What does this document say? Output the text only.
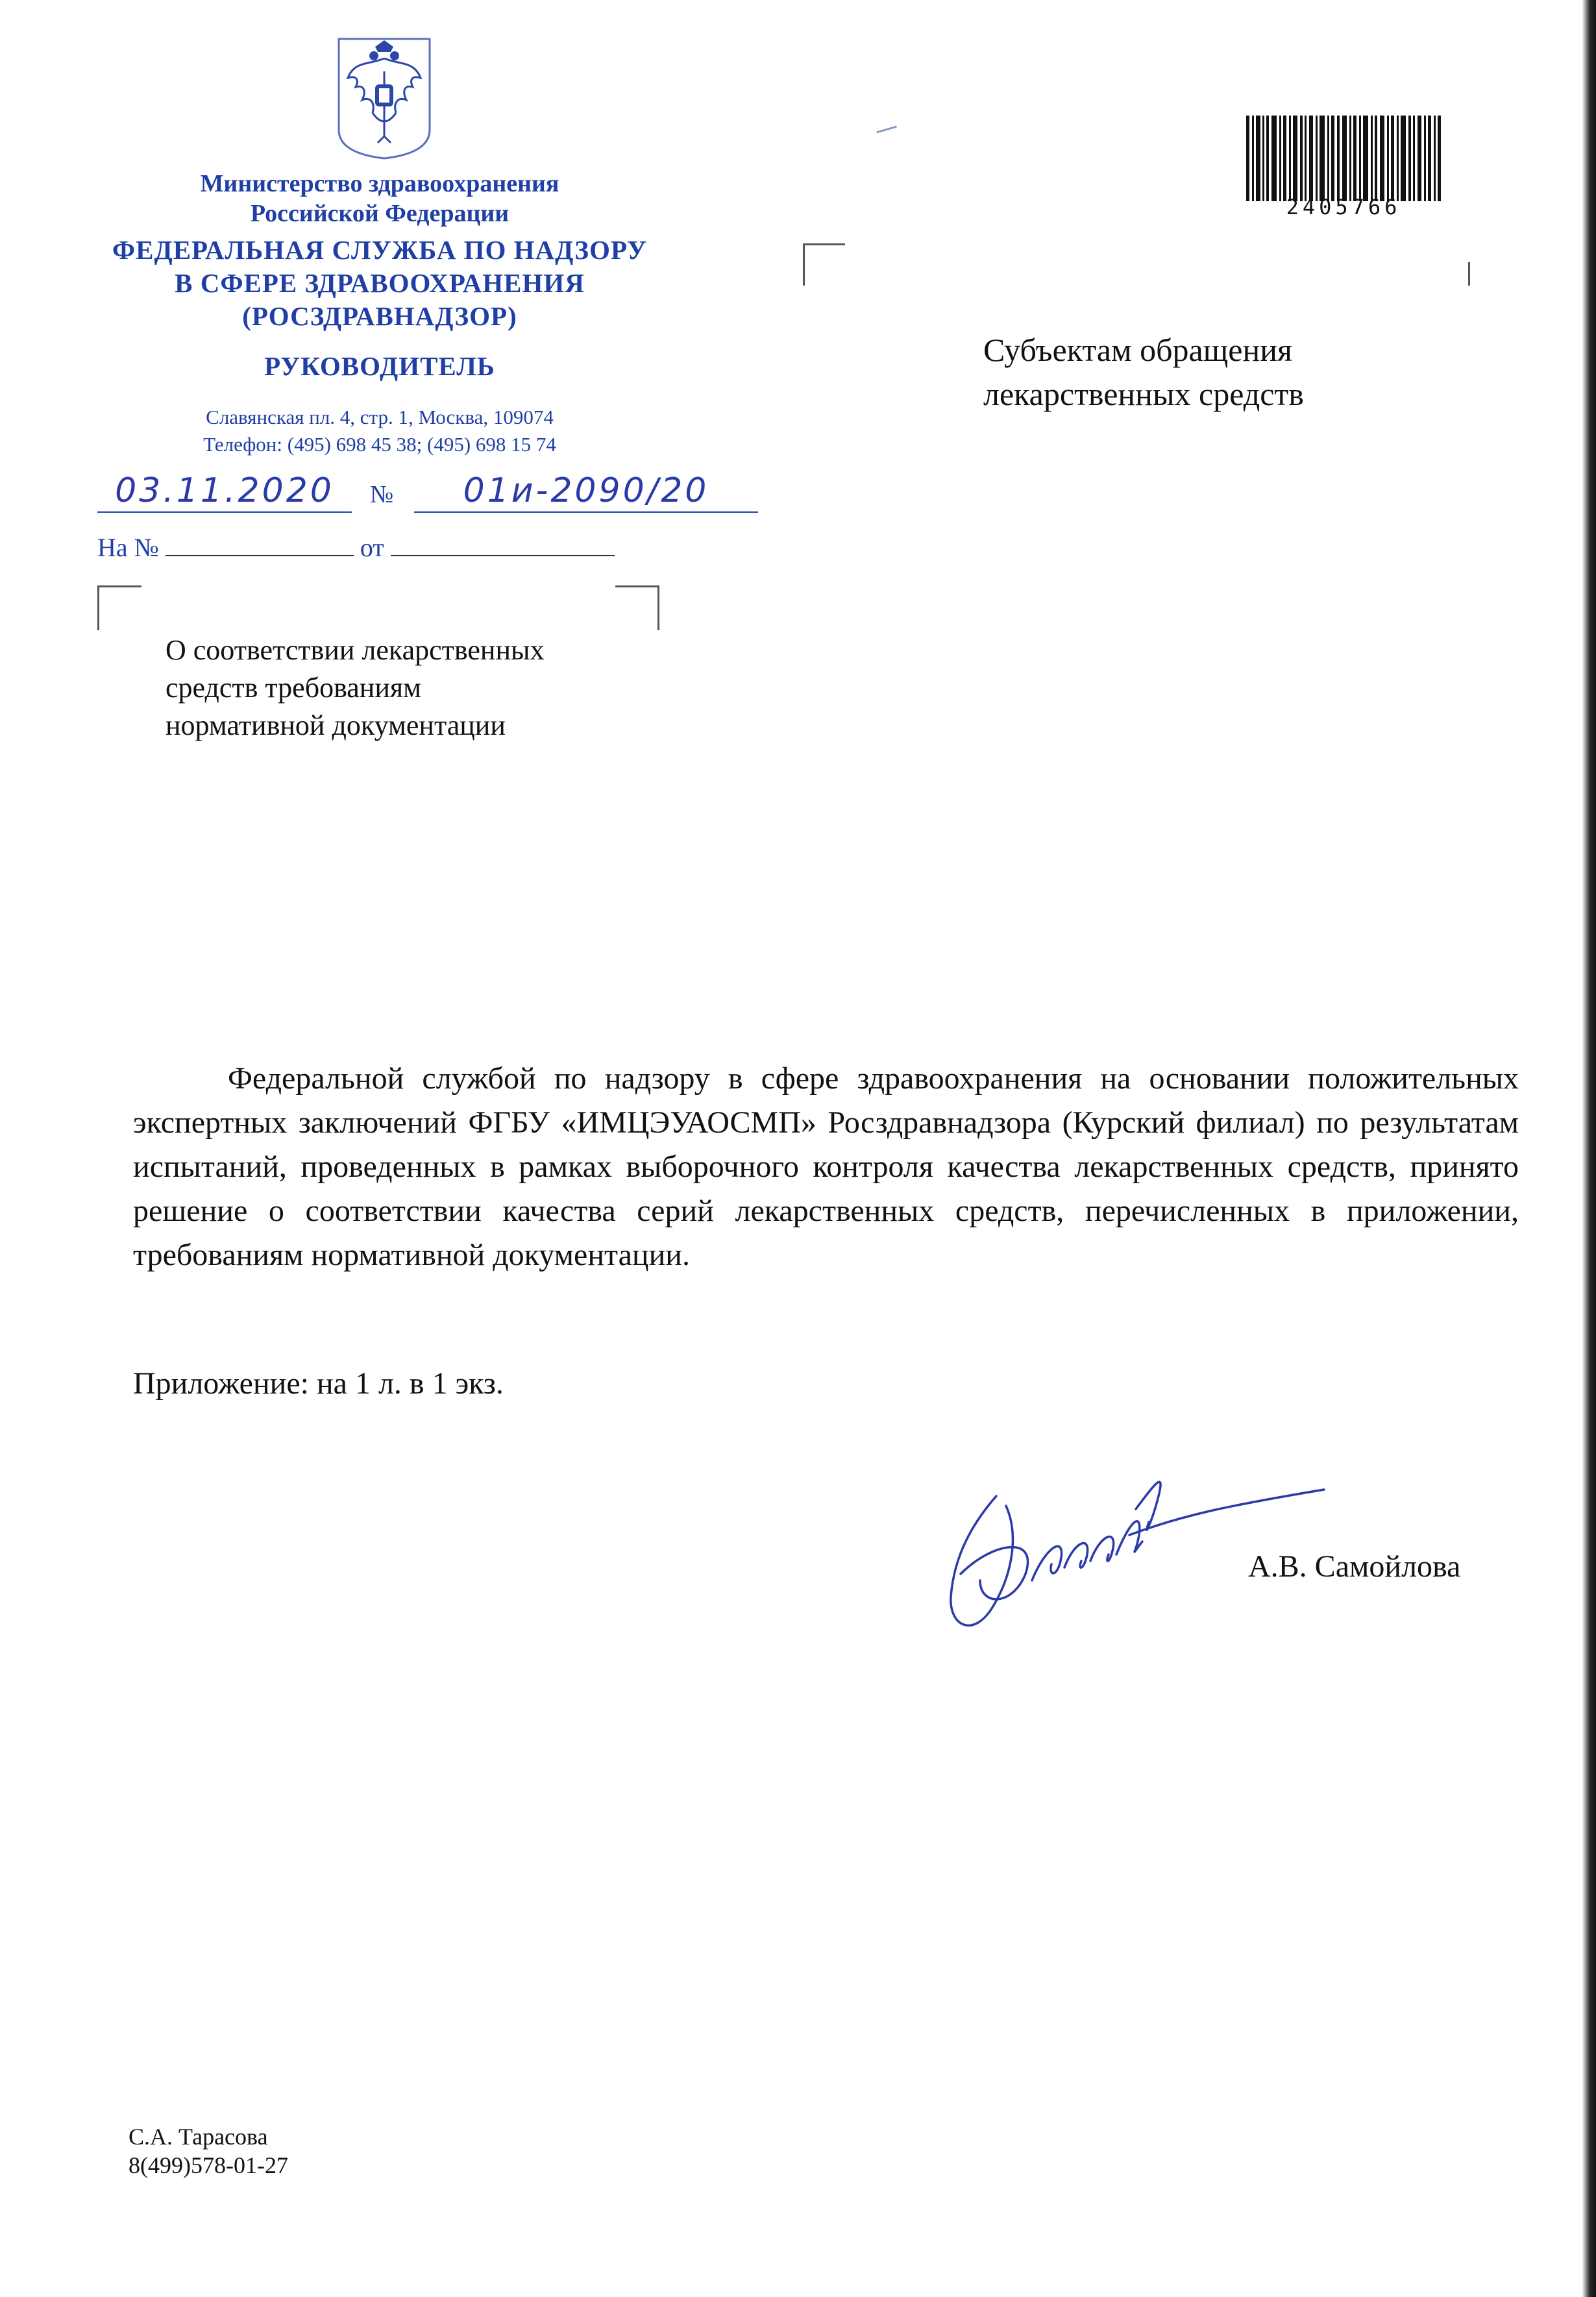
Министерство здравоохранения
Российской Федерации
ФЕДЕРАЛЬНАЯ СЛУЖБА ПО НАДЗОРУ
В СФЕРЕ ЗДРАВООХРАНЕНИЯ
(РОСЗДРАВНАДЗОР)
РУКОВОДИТЕЛЬ
Славянская пл. 4, стр. 1, Москва, 109074
Телефон: (495) 698 45 38; (495) 698 15 74
03.11.2020	№	01и-2090/20
На №	от
О соответствии лекарственных
средств требованиям
нормативной документации
Субъектам обращения
лекарственных средств
2405766
Федеральной службой по надзору в сфере здравоохранения на основании положительных экспертных заключений ФГБУ «ИМЦЭУАОСМП» Росздравнадзора (Курский филиал) по результатам испытаний, проведенных в рамках выборочного контроля качества лекарственных средств, принято решение о соответствии качества серий лекарственных средств, перечисленных в приложении, требованиям нормативной документации.
Приложение: на 1 л. в 1 экз.
А.В. Самойлова
С.А. Тарасова
8(499)578-01-27
